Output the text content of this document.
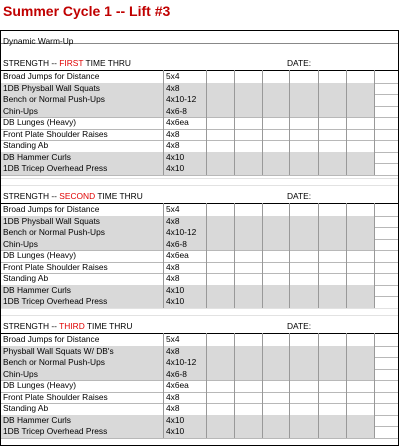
Summer Cycle 1 -- Lift #3
Dynamic Warm-Up
STRENGTH -- FIRST TIME THRU	DATE:
Broad Jumps for Distance	5x4
1DB Physball Wall Squats	4x8
Bench or Normal Push-Ups	4x10-12
Chin-Ups	4x6-8
DB Lunges (Heavy)	4x6ea
Front Plate Shoulder Raises	4x8
Standing Ab	4x8
DB Hammer Curls	4x10
1DB Tricep Overhead Press	4x10
STRENGTH -- SECOND TIME THRU	DATE:
Broad Jumps for Distance	5x4
1DB Physball Wall Squats	4x8
Bench or Normal Push-Ups	4x10-12
Chin-Ups	4x6-8
DB Lunges (Heavy)	4x6ea
Front Plate Shoulder Raises	4x8
Standing Ab	4x8
DB Hammer Curls	4x10
1DB Tricep Overhead Press	4x10
STRENGTH -- THIRD TIME THRU	DATE:
Broad Jumps for Distance	5x4
Physball Wall Squats W/ DB's	4x8
Bench or Normal Push-Ups	4x10-12
Chin-Ups	4x6-8
DB Lunges (Heavy)	4x6ea
Front Plate Shoulder Raises	4x8
Standing Ab	4x8
DB Hammer Curls	4x10
1DB Tricep Overhead Press	4x10
